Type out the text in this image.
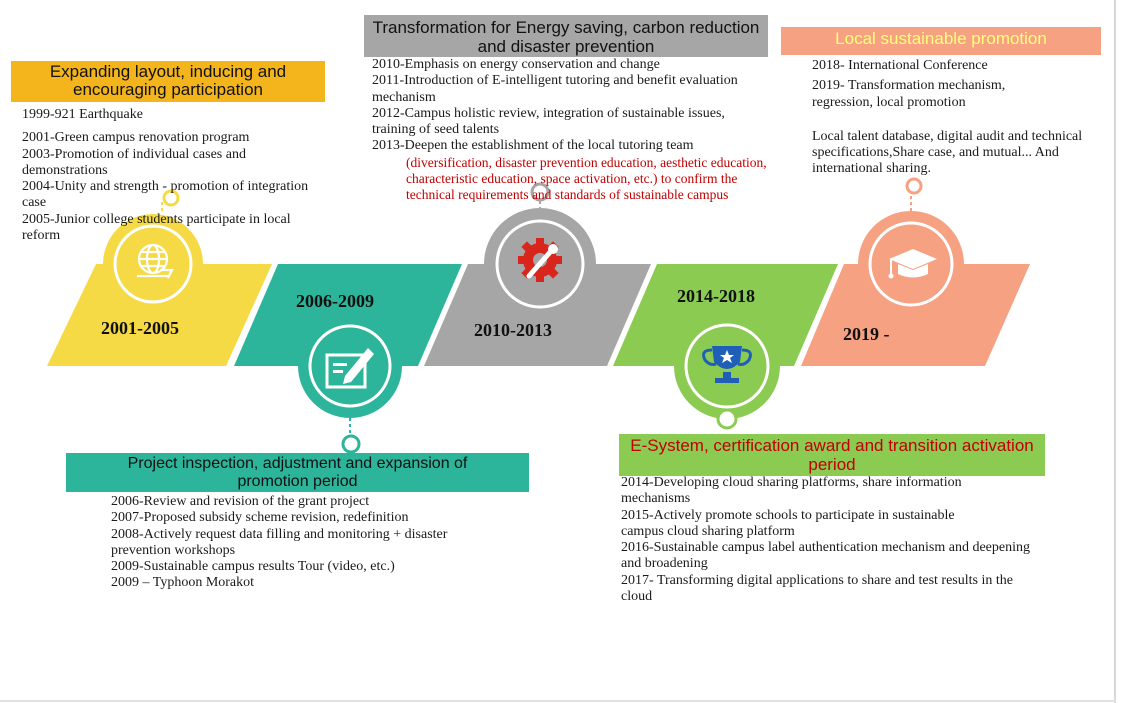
Expanding layout, inducing and encouraging participation
Transformation for Energy saving, carbon reduction and disaster prevention	Local sustainable promotion
Project inspection, adjustment and expansion of promotion period
E-System, certification award and transition activation period
2001-2005
2006-2009
2010-2013
2014-2018
2019 -
1999-921 Earthquake
2001-Green campus renovation program
2003-Promotion of individual cases and demonstrations
2004-Unity and strength - promotion of integration case
2005-Junior college students participate in local reform
2010-Emphasis on energy conservation and change
2011-Introduction of E-intelligent tutoring and benefit evaluation mechanism
2012-Campus holistic review, integration of sustainable issues, training of seed talents
2013-Deepen the establishment of the local tutoring team
(diversification, disaster prevention education, aesthetic education, characteristic education, space activation, etc.) to confirm the technical requirements and standards of sustainable campus
2018- International Conference
2019- Transformation mechanism, regression, local promotion
Local talent database, digital audit and technical specifications,Share case, and mutual... And international sharing.
2006-Review and revision of the grant project
2007-Proposed subsidy scheme revision, redefinition
2008-Actively request data filling and monitoring + disaster prevention workshops
2009-Sustainable campus results Tour (video, etc.)
2009 – Typhoon Morakot
2014-Developing cloud sharing platforms, share information mechanisms
2015-Actively promote schools to participate in sustainable campus cloud sharing platform
2016-Sustainable campus label authentication mechanism and deepening and broadening
2017- Transforming digital applications to share and test results in the cloud
